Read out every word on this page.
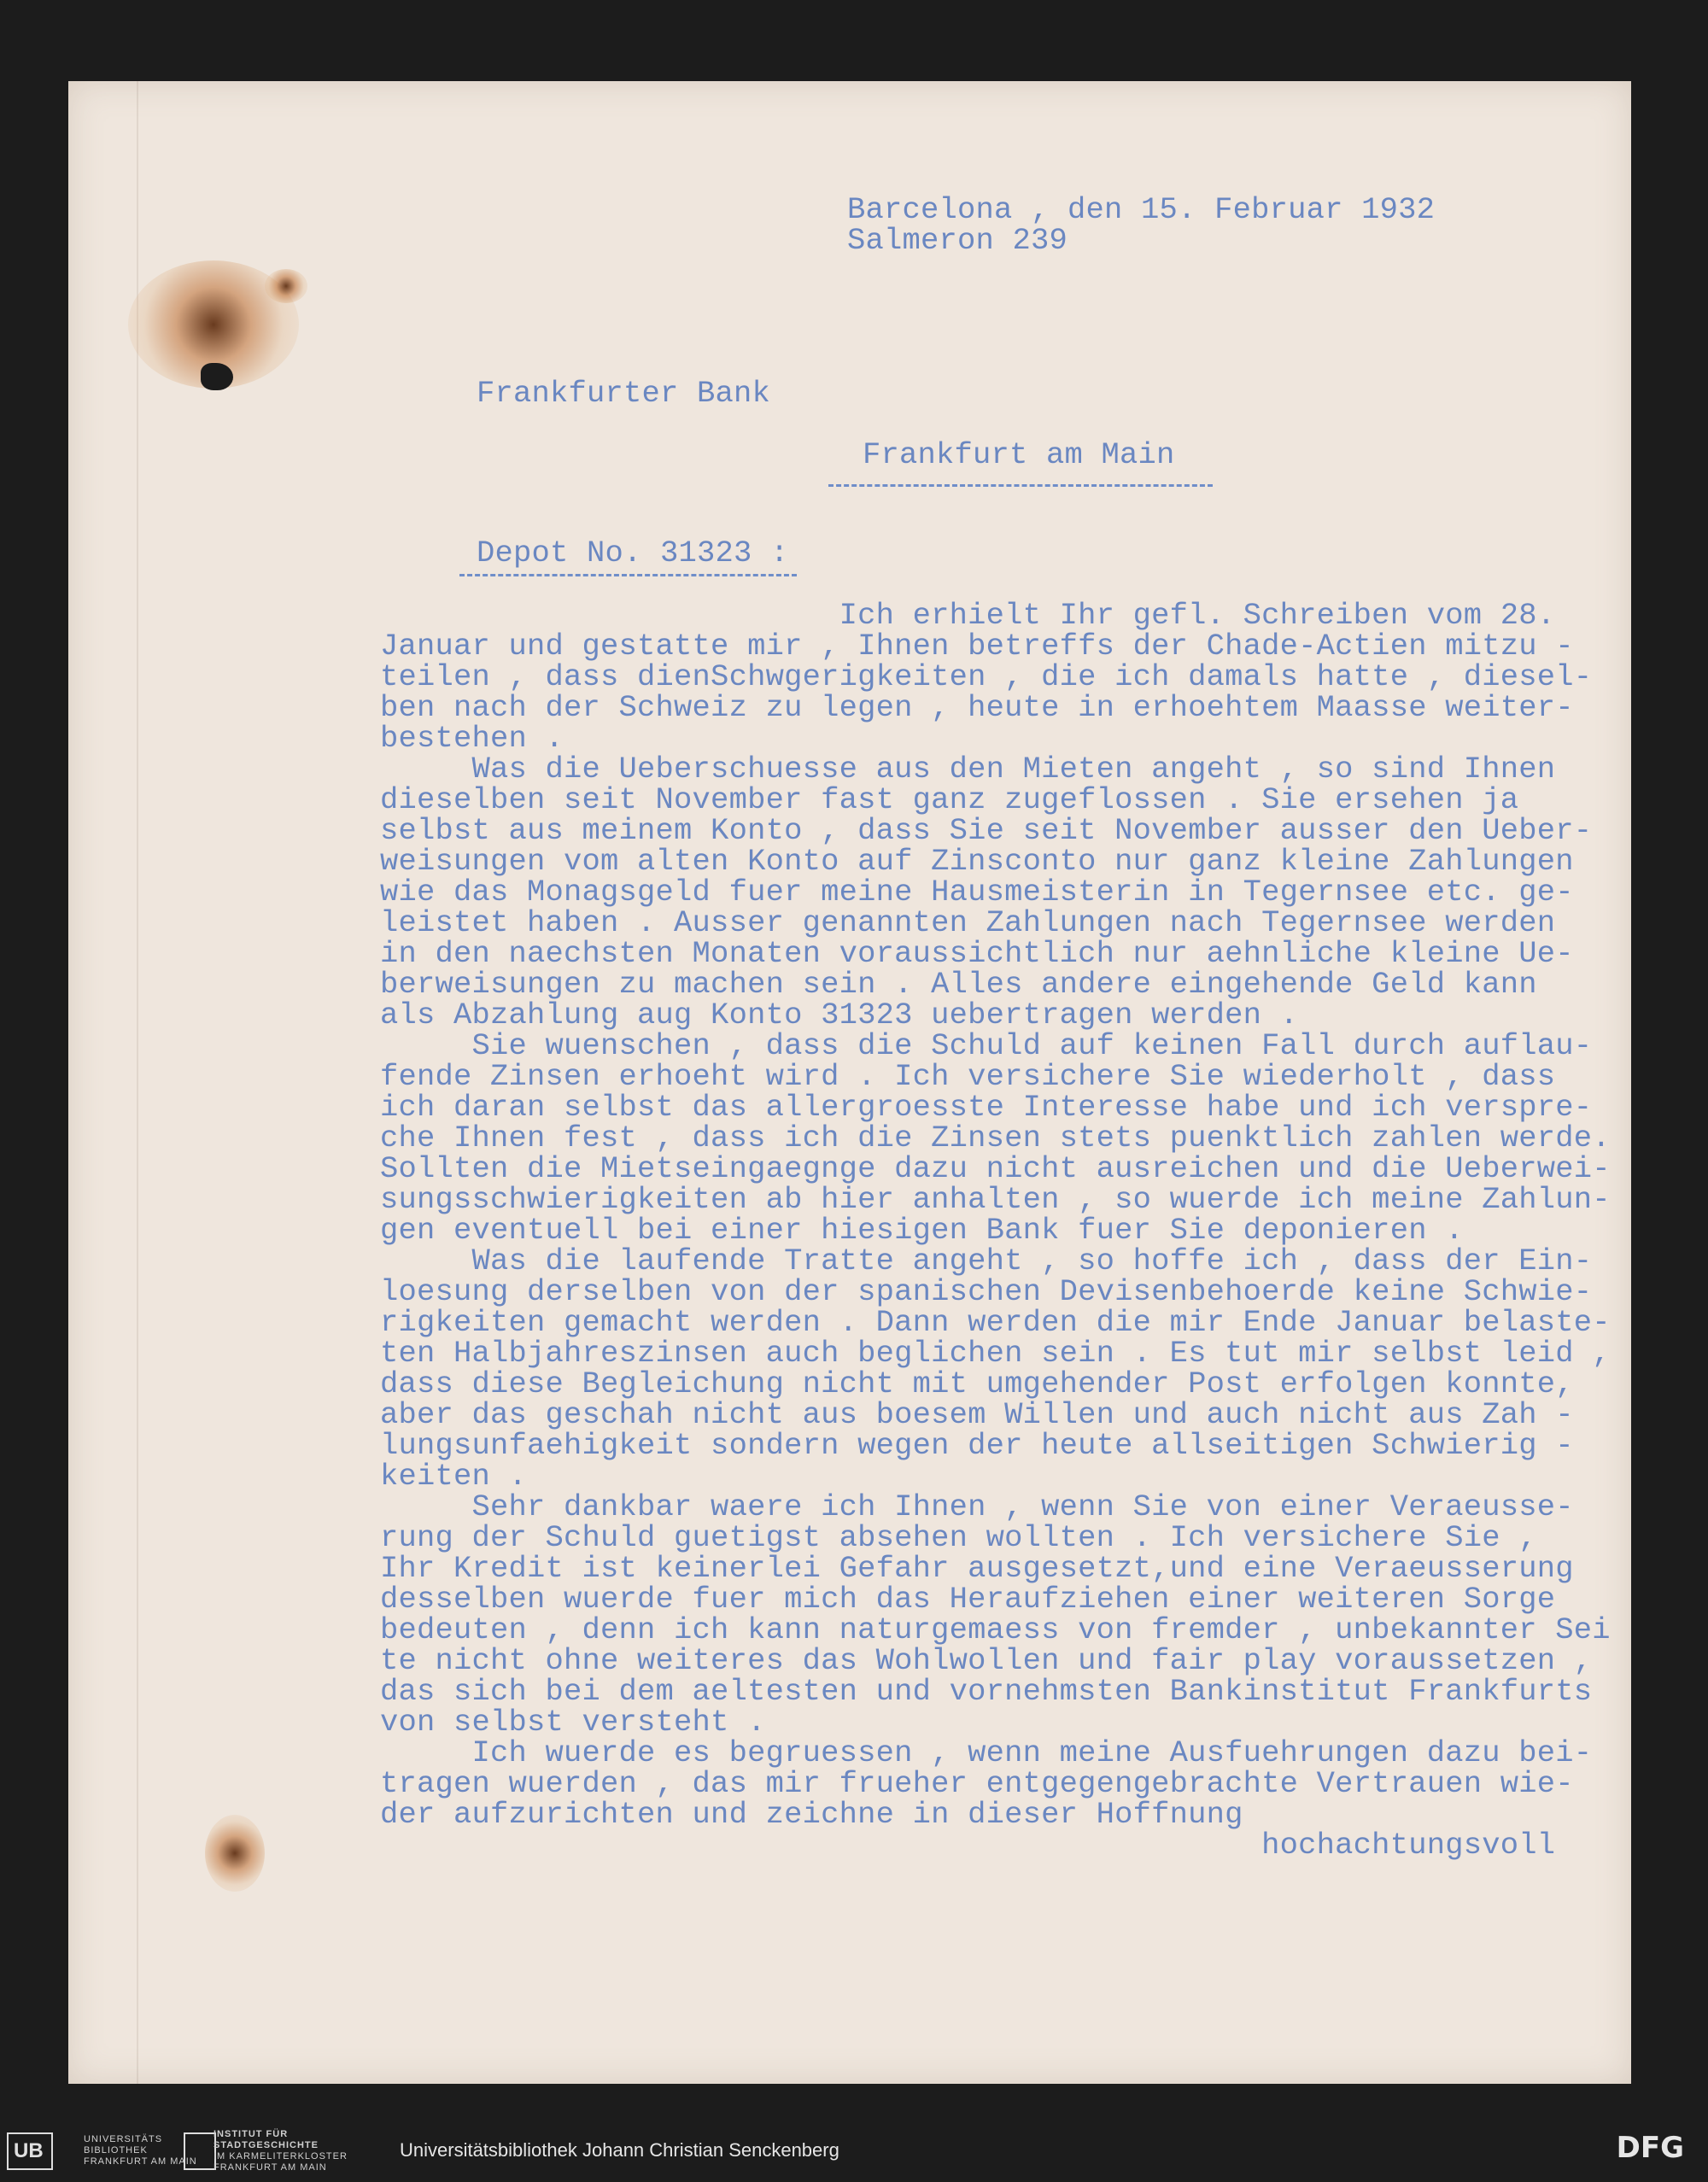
Barcelona , den 15. Februar 1932
Salmeron 239
Frankfurter Bank
Frankfurt am Main
Depot No. 31323 :
Ich erhielt Ihr gefl. Schreiben vom 28.
Januar und gestatte mir , Ihnen betreffs der Chade-Actien mitzu -
teilen , dass dienSchwgerigkeiten , die ich damals hatte , diesel-
ben nach der Schweiz zu legen , heute in erhoehtem Maasse weiter-
bestehen .
Was die Ueberschuesse aus den Mieten angeht , so sind Ihnen
dieselben seit November fast ganz zugeflossen . Sie ersehen ja
selbst aus meinem Konto , dass Sie seit November ausser den Ueber-
weisungen vom alten Konto auf Zinsconto nur ganz kleine Zahlungen
wie das Monagsgeld fuer meine Hausmeisterin in Tegernsee etc. ge-
leistet haben . Ausser genannten Zahlungen nach Tegernsee werden
in den naechsten Monaten voraussichtlich nur aehnliche kleine Ue-
berweisungen zu machen sein . Alles andere eingehende Geld kann
als Abzahlung aug Konto 31323 uebertragen werden .
Sie wuenschen , dass die Schuld auf keinen Fall durch auflau-
fende Zinsen erhoeht wird . Ich versichere Sie wiederholt , dass
ich daran selbst das allergroesste Interesse habe und ich verspre-
che Ihnen fest , dass ich die Zinsen stets puenktlich zahlen werde.
Sollten die Mietseingaegnge dazu nicht ausreichen und die Ueberwei-
sungsschwierigkeiten ab hier anhalten , so wuerde ich meine Zahlun-
gen eventuell bei einer hiesigen Bank fuer Sie deponieren .
Was die laufende Tratte angeht , so hoffe ich , dass der Ein-
loesung derselben von der spanischen Devisenbehoerde keine Schwie-
rigkeiten gemacht werden . Dann werden die mir Ende Januar belaste-
ten Halbjahreszinsen auch beglichen sein . Es tut mir selbst leid ,
dass diese Begleichung nicht mit umgehender Post erfolgen konnte,
aber das geschah nicht aus boesem Willen und auch nicht aus Zah -
lungsunfaehigkeit sondern wegen der heute allseitigen Schwierig -
keiten .
Sehr dankbar waere ich Ihnen , wenn Sie von einer Veraeusse-
rung der Schuld guetigst absehen wollten . Ich versichere Sie ,
Ihr Kredit ist keinerlei Gefahr ausgesetzt,und eine Veraeusserung
desselben wuerde fuer mich das Heraufziehen einer weiteren Sorge
bedeuten , denn ich kann naturgemaess von fremder , unbekannter Sei
te nicht ohne weiteres das Wohlwollen und fair play voraussetzen ,
das sich bei dem aeltesten und vornehmsten Bankinstitut Frankfurts
von selbst versteht .
Ich wuerde es begruessen , wenn meine Ausfuehrungen dazu bei-
tragen wuerden , das mir frueher entgegengebrachte Vertrauen wie-
der aufzurichten und zeichne in dieser Hoffnung
hochachtungsvoll
UB	UNIVERSITÄTS
BIBLIOTHEK
FRANKFURT AM MAIN
INSTITUT FÜR
STADTGESCHICHTE
IM KARMELITERKLOSTER
FRANKFURT AM MAIN
Universitätsbibliothek Johann Christian Senckenberg	DFG
